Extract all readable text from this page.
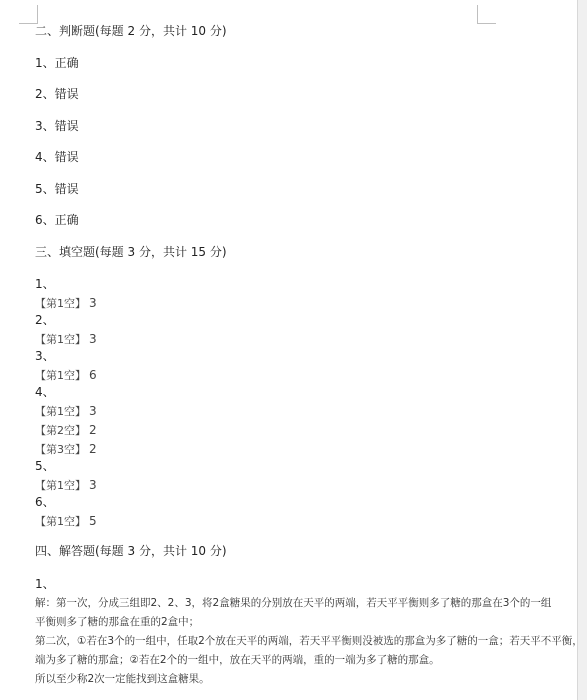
二、判断题(每题 2 分，共计 10 分)
1、正确
2、错误
3、错误
4、错误
5、错误
6、正确
三、填空题(每题 3 分，共计 15 分)
1、
【第1空】 3
2、
【第1空】 3
3、
【第1空】 6
4、
【第1空】 3
【第2空】 2
【第3空】 2
5、
【第1空】 3
6、
【第1空】 5
四、解答题(每题 3 分，共计 10 分)
1、
解：第一次，分成三组即2、2、3，将2盒糖果的分别放在天平的两端，若天平平衡则多了糖的那盒在3个的一组
平衡则多了糖的那盒在重的2盒中；
第二次，①若在3个的一组中，任取2个放在天平的两端，若天平平衡则没被选的那盒为多了糖的一盒；若天平不平衡，
端为多了糖的那盒；②若在2个的一组中，放在天平的两端，重的一端为多了糖的那盒。
所以至少称2次一定能找到这盒糖果。
